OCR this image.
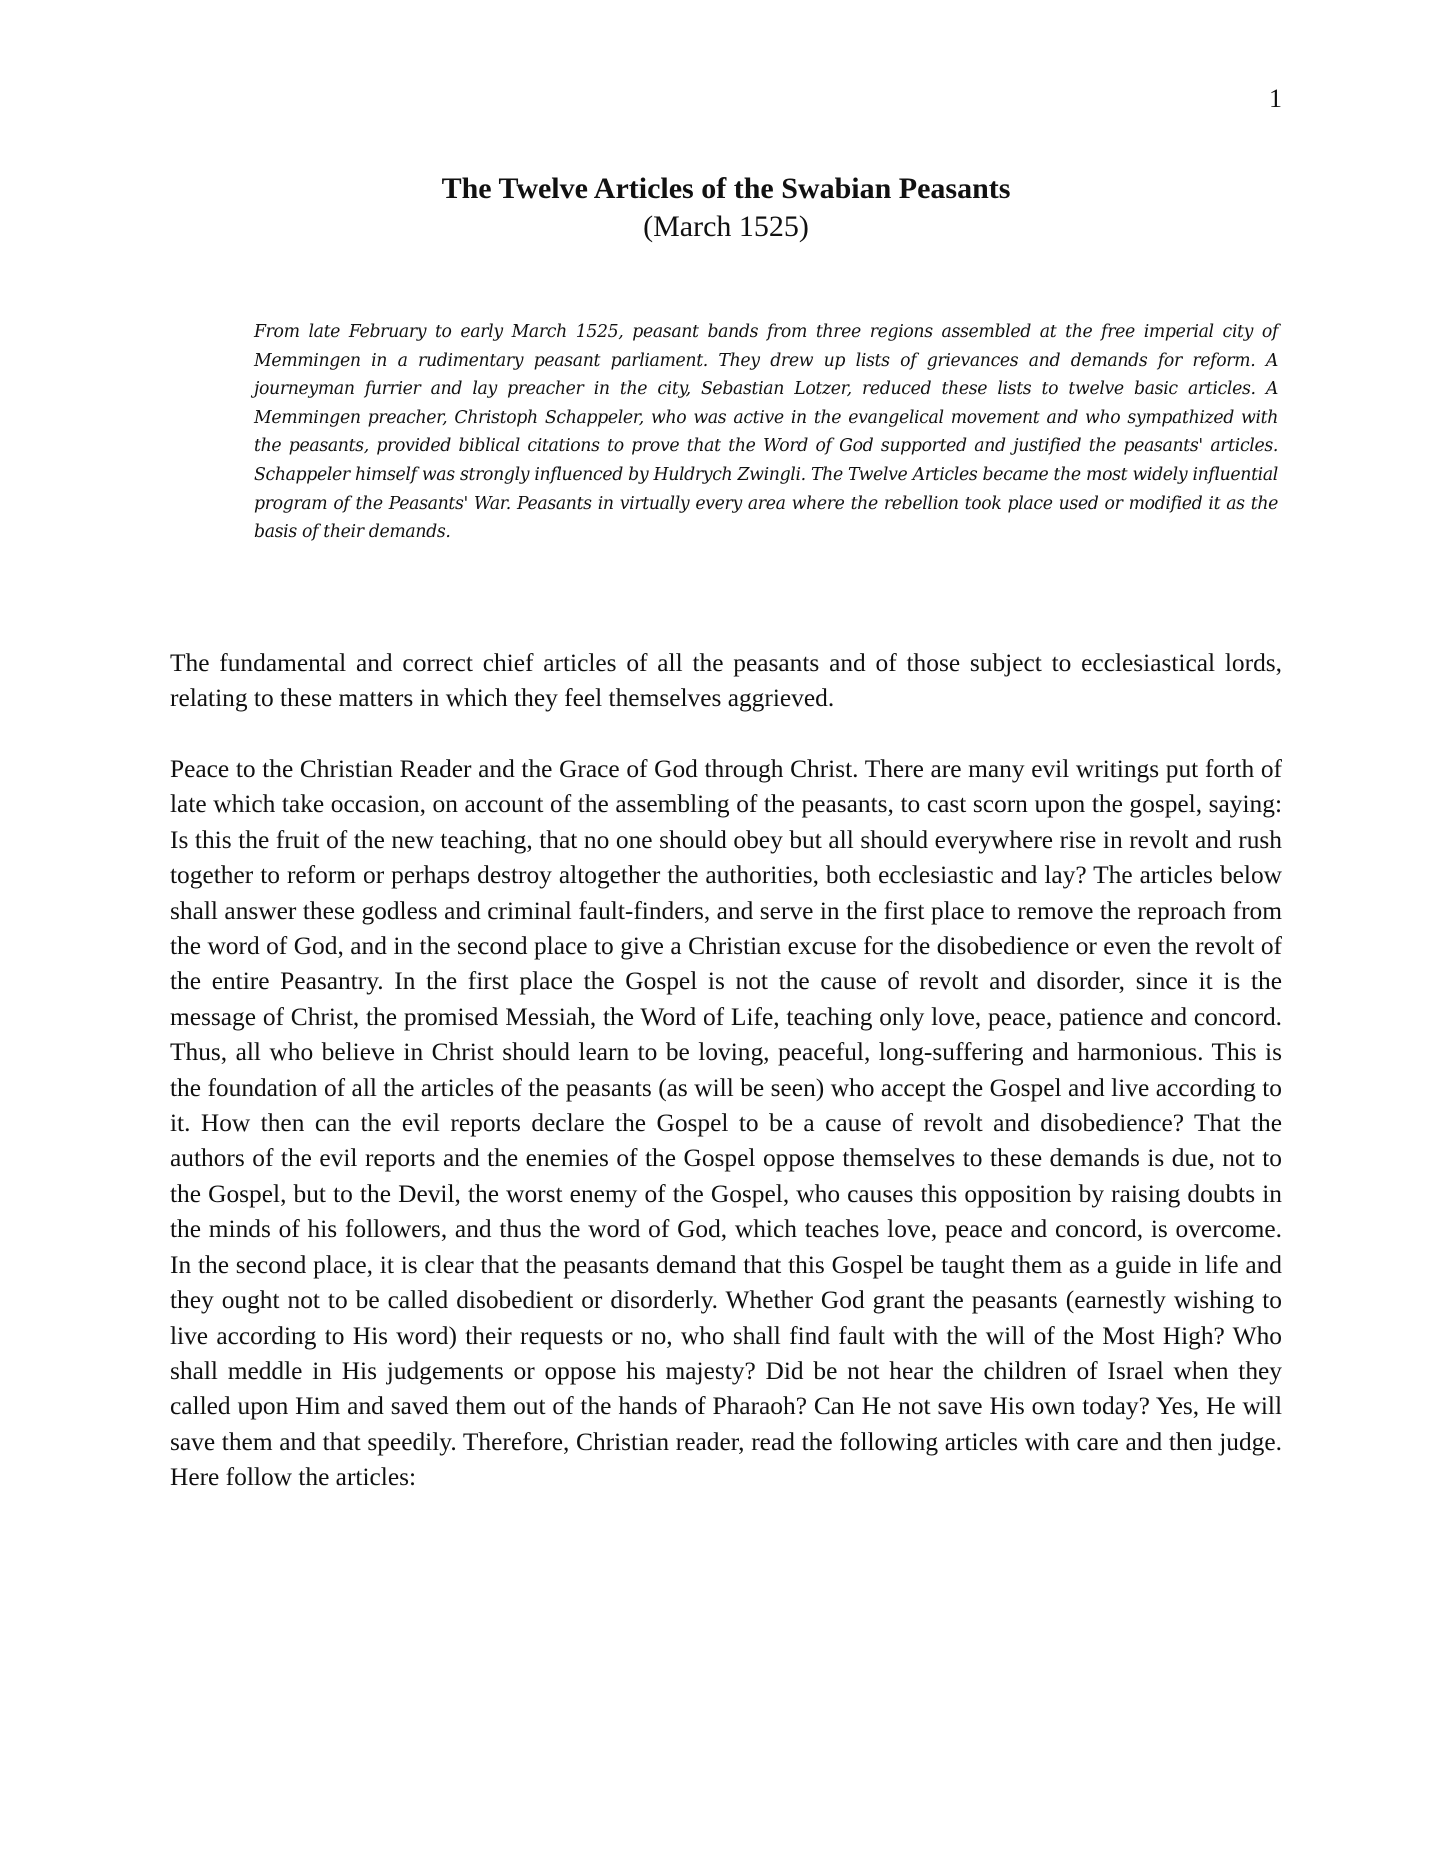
1
The Twelve Articles of the Swabian Peasants
(March 1525)

From late February to early March 1525, peasant bands from three regions assembled at the free imperial city of Memmingen in a rudimentary peasant parliament. They drew up lists of grievances and demands for reform. A journeyman furrier and lay preacher in the city, Sebastian Lotzer, reduced these lists to twelve basic articles. A Memmingen preacher, Christoph Schappeler, who was active in the evangelical movement and who sympathized with the peasants, provided biblical citations to prove that the Word of God supported and justified the peasants' articles. Schappeler himself was strongly influenced by Huldrych Zwingli. The Twelve Articles became the most widely influential program of the Peasants' War. Peasants in virtually every area where the rebellion took place used or modified it as the basis of their demands.

The fundamental and correct chief articles of all the peasants and of those subject to ecclesiastical lords, relating to these matters in which they feel themselves aggrieved.

Peace to the Christian Reader and the Grace of God through Christ. There are many evil writings put forth of late which take occasion, on account of the assembling of the peasants, to cast scorn upon the gospel, saying: Is this the fruit of the new teaching, that no one should obey but all should everywhere rise in revolt and rush together to reform or perhaps destroy altogether the authorities, both ecclesiastic and lay? The articles below shall answer these godless and criminal fault-finders, and serve in the first place to remove the reproach from the word of God, and in the second place to give a Christian excuse for the disobedience or even the revolt of the entire Peasantry. In the first place the Gospel is not the cause of revolt and disorder, since it is the message of Christ, the promised Messiah, the Word of Life, teaching only love, peace, patience and concord. Thus, all who believe in Christ should learn to be loving, peaceful, long-suffering and harmonious. This is the foundation of all the articles of the peasants (as will be seen) who accept the Gospel and live according to it. How then can the evil reports declare the Gospel to be a cause of revolt and disobedience? That the authors of the evil reports and the enemies of the Gospel oppose themselves to these demands is due, not to the Gospel, but to the Devil, the worst enemy of the Gospel, who causes this opposition by raising doubts in the minds of his followers, and thus the word of God, which teaches love, peace and concord, is overcome. In the second place, it is clear that the peasants demand that this Gospel be taught them as a guide in life and they ought not to be called disobedient or disorderly. Whether God grant the peasants (earnestly wishing to live according to His word) their requests or no, who shall find fault with the will of the Most High? Who shall meddle in His judgements or oppose his majesty? Did be not hear the children of Israel when they called upon Him and saved them out of the hands of Pharaoh? Can He not save His own today? Yes, He will save them and that speedily. Therefore, Christian reader, read the following articles with care and then judge. Here follow the articles:
